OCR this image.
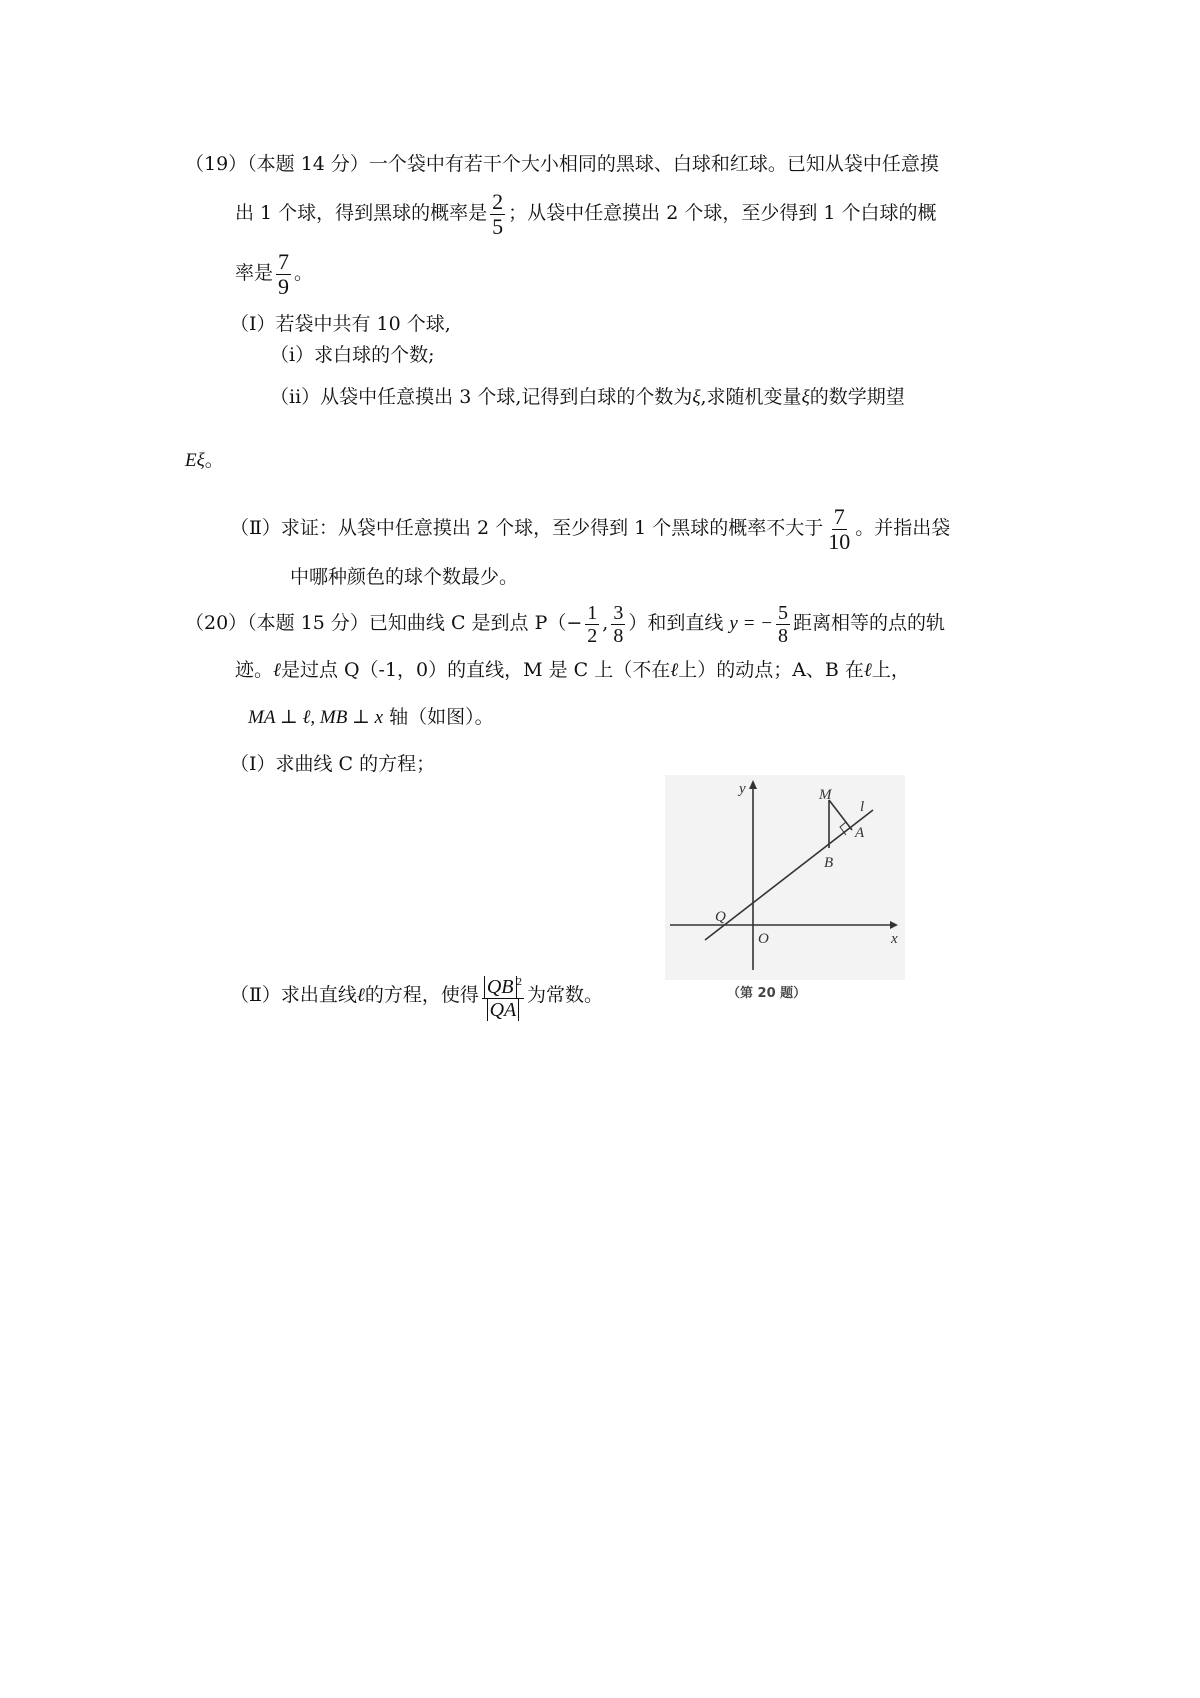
（19）（本题 14 分）一个袋中有若干个大小相同的黑球、白球和红球。已知从袋中任意摸
出 1 个球，得到黑球的概率是 $\frac{2}{5}$ ；从袋中任意摸出 2 个球，至少得到 1 个白球的概
率是 $\frac{7}{9}$ 。
（Ⅰ）若袋中共有 10 个球,
（i）求白球的个数;
（ii）从袋中任意摸出 3 个球,记得到白球的个数为ξ,求随机变量ξ的数学期望
Eξ。
（Ⅱ）求证：从袋中任意摸出 2 个球，至少得到 1 个黑球的概率不大于 $\frac{7}{10}$ 。并指出袋
中哪种颜色的球个数最少。
（20）（本题 15 分）已知曲线 C 是到点 $P(- \frac{1}{2}$ , $\frac{3}{8}$ ）和到直线 y = − $\frac{5}{8}$ 距离相等的点的轨
迹。ℓ是过点 Q（-1，0）的直线，M 是 C 上（不在ℓ上）的动点；A、B 在ℓ上，
MA ⊥ ℓ, MB ⊥ x 轴（如图）。
（Ⅰ）求曲线 C 的方程；
（Ⅱ）求出直线ℓ的方程，使得 $\frac{QB ^2}{QA}$ 为常数。
y
x
O
Q
M
l
A
B
（第 20 题）
